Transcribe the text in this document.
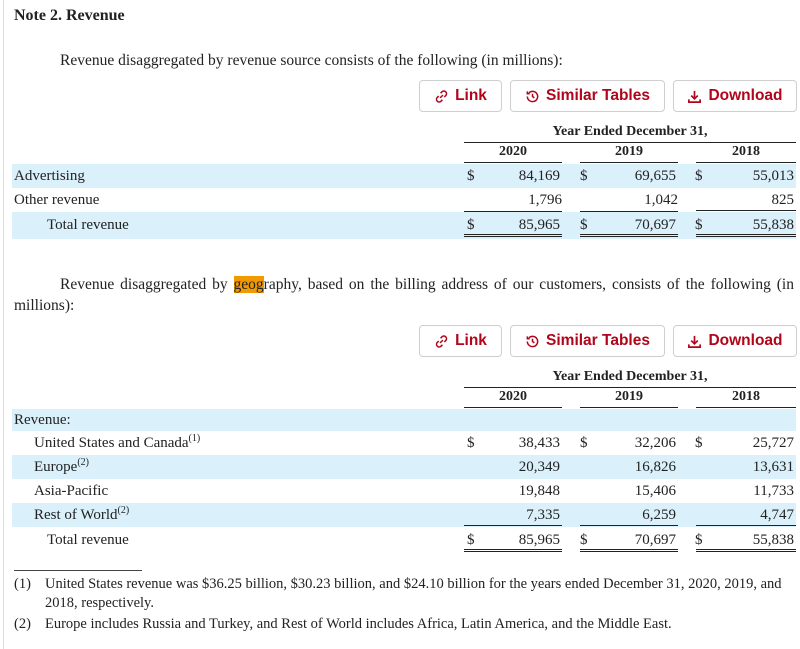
Note 2. Revenue
Revenue disaggregated by revenue source consists of the following (in millions):
Link	Similar Tables	Download
Year Ended December 31,
2020	2019	2018
Advertising	$	84,169 $	69,655 $	55,013
Other revenue	1,796	1,042	825
Total revenue	$	85,965 $	70,697 $	55,838
Revenue disaggregated by geography, based on the billing address of our customers, consists of the following (in millions):
Link	Similar Tables	Download
Year Ended December 31,
2020	2019	2018
Revenue:
United States and Canada$^{(1)}$	$	38,433 $	32,206 $	25,727
Europe$^{(2)}$	20,349	16,826	13,631
Asia-Pacific	19,848	15,406	11,733
Rest of World$^{(2)}$	7,335	6,259	4,747
Total revenue	$	85,965 $	70,697 $	55,838
(1) United States revenue was $36.25 billion, $30.23 billion, and $24.10 billion for the years ended December 31, 2020, 2019, and 2018, respectively.
(2) Europe includes Russia and Turkey, and Rest of World includes Africa, Latin America, and the Middle East.
